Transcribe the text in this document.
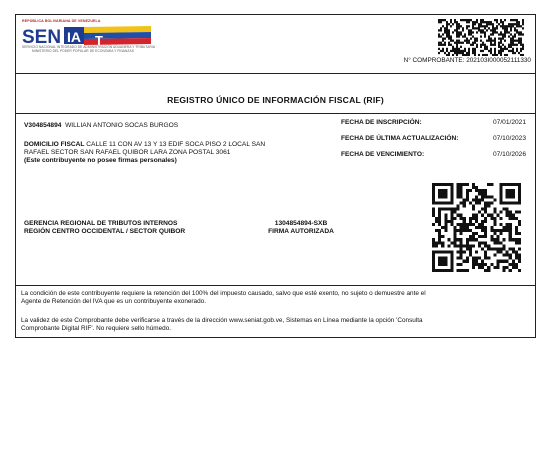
REPÚBLICA BOLIVARIANA DE VENEZUELA
SEN IA T
SERVICIO NACIONAL INTEGRADO DE ADMINISTRACIÓN ADUANERA Y TRIBUTARIA
MINISTERIO DEL PODER POPULAR DE ECONOMÍA Y FINANZAS
N° COMPROBANTE: 202103I000052111330
REGISTRO ÚNICO DE INFORMACIÓN FISCAL (RIF)
V304854894 WILLIAN ANTONIO SOCAS BURGOS
DOMICILIO FISCAL CALLE 11 CON AV 13 Y 13 EDIF SOCA PISO 2 LOCAL SAN
RAFAEL SECTOR SAN RAFAEL QUIBOR LARA ZONA POSTAL 3061
(Este contribuyente no posee firmas personales)
FECHA DE INSCRIPCIÓN:	07/01/2021
FECHA DE ÚLTIMA ACTUALIZACIÓN:	07/10/2023
FECHA DE VENCIMIENTO:	07/10/2026
GERENCIA REGIONAL DE TRIBUTOS INTERNOS
REGIÓN CENTRO OCCIDENTAL / SECTOR QUIBOR
1304854894-SXB
FIRMA AUTORIZADA
La condición de este contribuyente requiere la retención del 100% del impuesto causado, salvo que esté exento, no sujeto o demuestre ante el
Agente de Retención del IVA que es un contribuyente exonerado.
La validez de este Comprobante debe verificarse a través de la dirección www.seniat.gob.ve, Sistemas en Línea mediante la opción 'Consulta
Comprobante Digital RIF'. No requiere sello húmedo.
